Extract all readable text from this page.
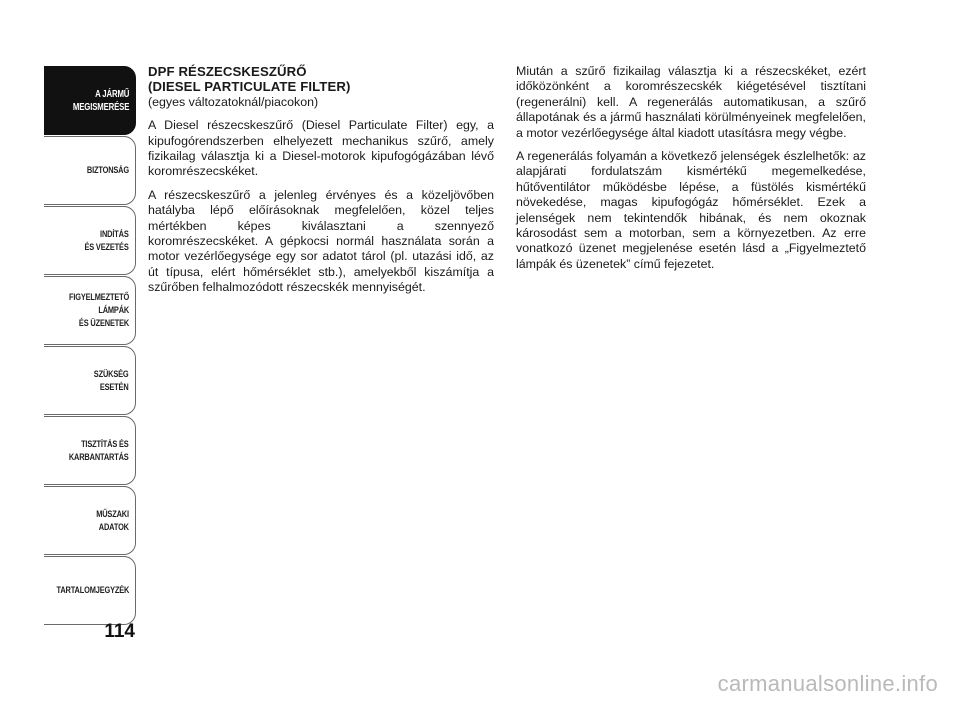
A JÁRMŰ
MEGISMERÉSE
BIZTONSÁG
INDÍTÁS
ÉS VEZETÉS
FIGYELMEZTETŐ
LÁMPÁK
ÉS ÜZENETEK
SZÜKSÉG
ESETÉN
TISZTÍTÁS ÉS
KARBANTARTÁS
MŰSZAKI
ADATOK
TARTALOMJEGYZÉK
114
DPF RÉSZECSKESZŰRŐ
(DIESEL PARTICULATE FILTER)
(egyes változatoknál/piacokon)

A Diesel részecskeszűrő (Diesel Particulate Filter) egy, a kipufogórendszerben elhelyezett mechanikus szűrő, amely fizikailag választja ki a Diesel-motorok kipufogógázában lévő koromrészecskéket.

A részecskeszűrő a jelenleg érvényes és a közeljövőben hatályba lépő előírásoknak megfelelően, közel teljes mértékben képes kiválasztani a szennyező koromrészecskéket. A gépkocsi normál használata során a motor vezérlőegysége egy sor adatot tárol (pl. utazási idő, az út típusa, elért hőmérséklet stb.), amelyekből kiszámítja a szűrőben felhalmozódott részecskék mennyiségét.

Miután a szűrő fizikailag választja ki a részecskéket, ezért időközönként a koromrészecskék kiégetésével tisztítani (regenerálni) kell. A regenerálás automatikusan, a szűrő állapotának és a jármű használati körülményeinek megfelelően, a motor vezérlőegysége által kiadott utasításra megy végbe.

A regenerálás folyamán a következő jelenségek észlelhetők: az alapjárati fordulatszám kismértékű megemelkedése, hűtőventilátor működésbe lépése, a füstölés kismértékű növekedése, magas kipufogógáz hőmérséklet. Ezek a jelenségek nem tekintendők hibának, és nem okoznak károsodást sem a motorban, sem a környezetben. Az erre vonatkozó üzenet megjelenése esetén lásd a „Figyelmeztető lámpák és üzenetek” című fejezetet.

carmanualsonline.info
